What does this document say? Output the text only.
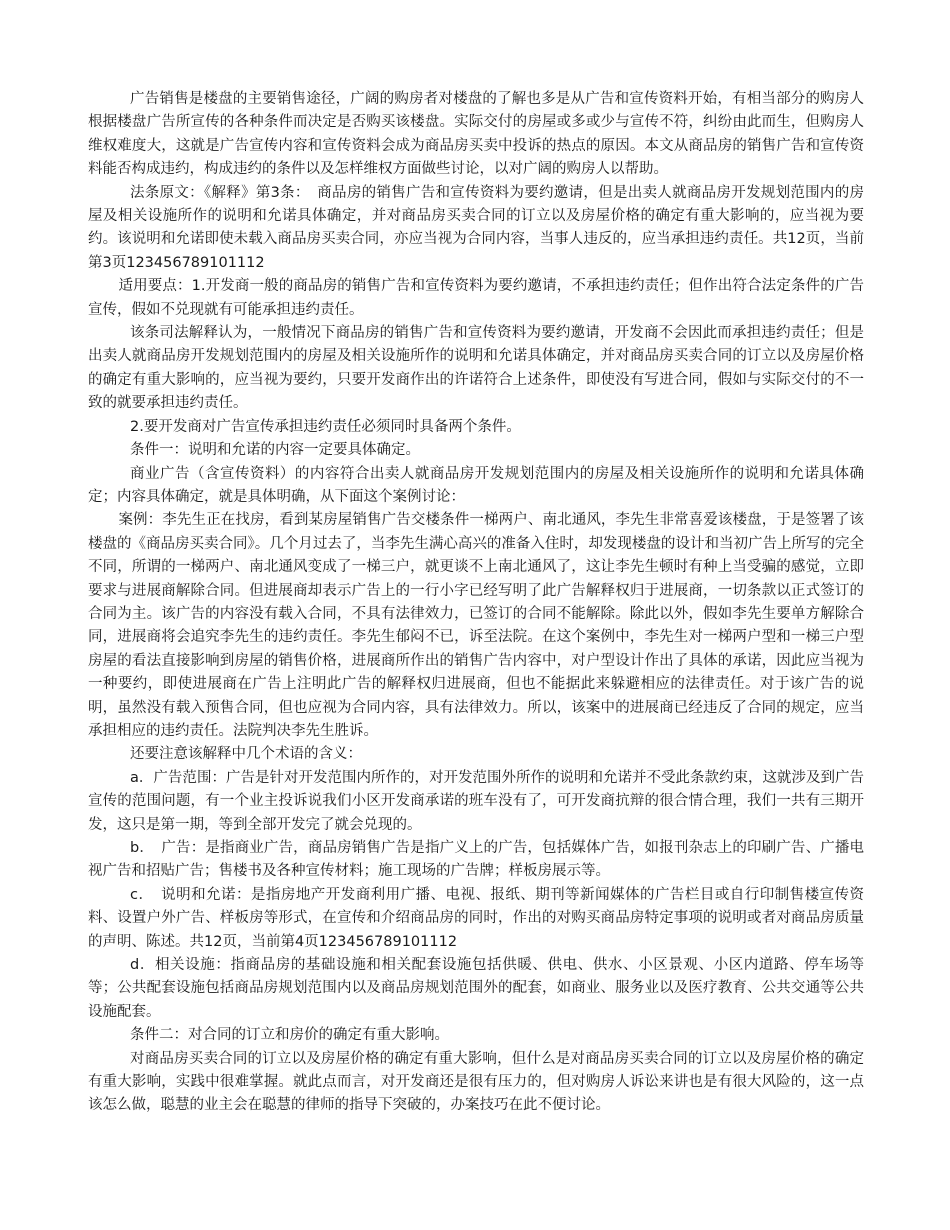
广告销售是楼盘的主要销售途径，广阔的购房者对楼盘的了解也多是从广告和宣传资料开始，有相当部分的购房人根据楼盘广告所宣传的各种条件而决定是否购买该楼盘。实际交付的房屋或多或少与宣传不符，纠纷由此而生，但购房人维权难度大，这就是广告宣传内容和宣传资料会成为商品房买卖中投诉的热点的原因。本文从商品房的销售广告和宣传资料能否构成违约，构成违约的条件以及怎样维权方面做些讨论，以对广阔的购房人以帮助。

法条原文：《解释》第3条：　商品房的销售广告和宣传资料为要约邀请，但是出卖人就商品房开发规划范围内的房屋及相关设施所作的说明和允诺具体确定，并对商品房买卖合同的订立以及房屋价格的确定有重大影响的，应当视为要约。该说明和允诺即使未载入商品房买卖合同，亦应当视为合同内容，当事人违反的，应当承担违约责任。共12页，当前第3页123456789101112

适用要点：1.开发商一般的商品房的销售广告和宣传资料为要约邀请，不承担违约责任；但作出符合法定条件的广告宣传，假如不兑现就有可能承担违约责任。

该条司法解释认为，一般情况下商品房的销售广告和宣传资料为要约邀请，开发商不会因此而承担违约责任；但是出卖人就商品房开发规划范围内的房屋及相关设施所作的说明和允诺具体确定，并对商品房买卖合同的订立以及房屋价格的确定有重大影响的，应当视为要约，只要开发商作出的许诺符合上述条件，即使没有写进合同，假如与实际交付的不一致的就要承担违约责任。

2.要开发商对广告宣传承担违约责任必须同时具备两个条件。

条件一：说明和允诺的内容一定要具体确定。

商业广告（含宣传资料）的内容符合出卖人就商品房开发规划范围内的房屋及相关设施所作的说明和允诺具体确定；内容具体确定，就是具体明确，从下面这个案例讨论：

案例：李先生正在找房，看到某房屋销售广告交楼条件一梯两户、南北通风，李先生非常喜爱该楼盘，于是签署了该楼盘的《商品房买卖合同》。几个月过去了，当李先生满心高兴的准备入住时，却发现楼盘的设计和当初广告上所写的完全不同，所谓的一梯两户、南北通风变成了一梯三户，就更谈不上南北通风了，这让李先生顿时有种上当受骗的感觉，立即要求与进展商解除合同。但进展商却表示广告上的一行小字已经写明了此广告解释权归于进展商，一切条款以正式签订的合同为主。该广告的内容没有载入合同，不具有法律效力，已签订的合同不能解除。除此以外，假如李先生要单方解除合同，进展商将会追究李先生的违约责任。李先生郁闷不已，诉至法院。在这个案例中，李先生对一梯两户型和一梯三户型房屋的看法直接影响到房屋的销售价格，进展商所作出的销售广告内容中，对户型设计作出了具体的承诺，因此应当视为一种要约，即使进展商在广告上注明此广告的解释权归进展商，但也不能据此来躲避相应的法律责任。对于该广告的说明，虽然没有载入预售合同，但也应视为合同内容，具有法律效力。所以，该案中的进展商已经违反了合同的规定，应当承担相应的违约责任。法院判决李先生胜诉。

还要注意该解释中几个术语的含义：

a．广告范围：广告是针对开发范围内所作的，对开发范围外所作的说明和允诺并不受此条款约束，这就涉及到广告宣传的范围问题，有一个业主投诉说我们小区开发商承诺的班车没有了，可开发商抗辩的很合情合理，我们一共有三期开发，这只是第一期，等到全部开发完了就会兑现的。

b．　广告：是指商业广告，商品房销售广告是指广义上的广告，包括媒体广告，如报刊杂志上的印刷广告、广播电视广告和招贴广告；售楼书及各种宣传材料；施工现场的广告牌；样板房展示等。

c．　说明和允诺：是指房地产开发商利用广播、电视、报纸、期刊等新闻媒体的广告栏目或自行印制售楼宣传资料、设置户外广告、样板房等形式，在宣传和介绍商品房的同时，作出的对购买商品房特定事项的说明或者对商品房质量的声明、陈述。共12页，当前第4页123456789101112

d．相关设施：指商品房的基础设施和相关配套设施包括供暖、供电、供水、小区景观、小区内道路、停车场等等；公共配套设施包括商品房规划范围内以及商品房规划范围外的配套，如商业、服务业以及医疗教育、公共交通等公共设施配套。

条件二：对合同的订立和房价的确定有重大影响。

对商品房买卖合同的订立以及房屋价格的确定有重大影响，但什么是对商品房买卖合同的订立以及房屋价格的确定有重大影响，实践中很难掌握。就此点而言，对开发商还是很有压力的，但对购房人诉讼来讲也是有很大风险的，这一点该怎么做，聪慧的业主会在聪慧的律师的指导下突破的，办案技巧在此不便讨论。
